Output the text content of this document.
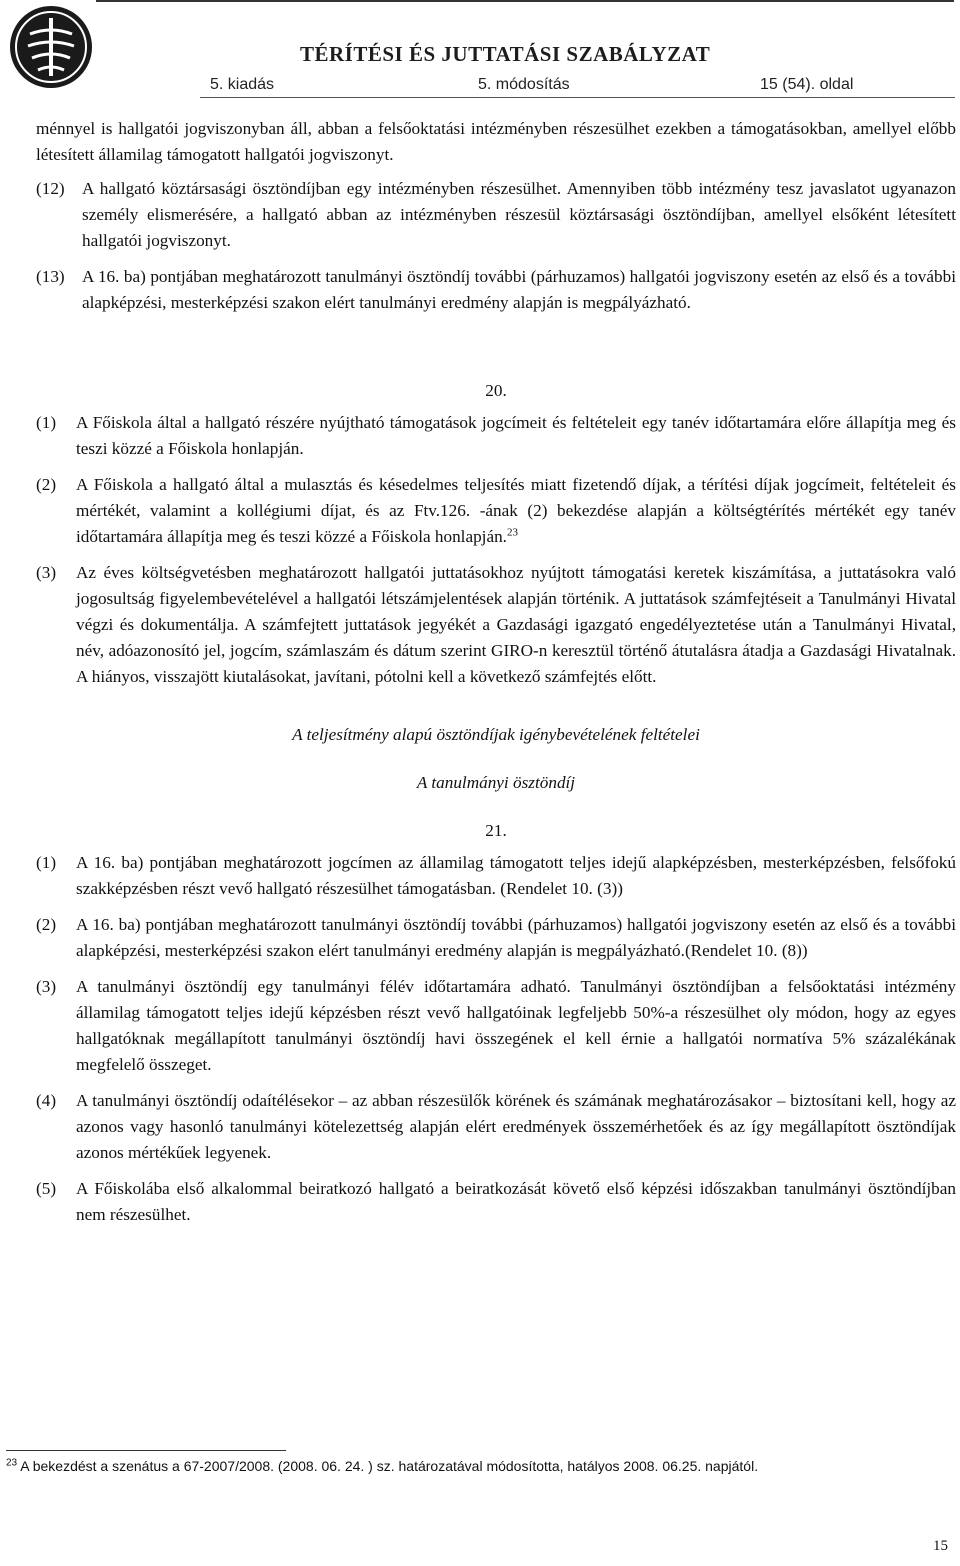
TÉRÍTÉSI ÉS JUTTATÁSI SZABÁLYZAT
5. kiadás	5. módosítás	15 (54). oldal

ménnyel is hallgatói jogviszonyban áll, abban a felsőoktatási intézményben részesülhet ezekben a támogatásokban, amellyel előbb létesített államilag támogatott hallgatói jogviszonyt.

(12)	A hallgató köztársasági ösztöndíjban egy intézményben részesülhet. Amennyiben több intézmény tesz javaslatot ugyanazon személy elismerésére, a hallgató abban az intézményben részesül köztársasági ösztöndíjban, amellyel elsőként létesített hallgatói jogviszonyt.
(13)	A 16. ba) pontjában meghatározott tanulmányi ösztöndíj további (párhuzamos) hallgatói jogviszony esetén az első és a további alapképzési, mesterképzési szakon elért tanulmányi eredmény alapján is megpályázható.

20.

(1)	A Főiskola által a hallgató részére nyújtható támogatások jogcímeit és feltételeit egy tanév időtartamára előre állapítja meg és teszi közzé a Főiskola honlapján.
(2)	A Főiskola a hallgató által a mulasztás és késedelmes teljesítés miatt fizetendő díjak, a térítési díjak jogcímeit, feltételeit és mértékét, valamint a kollégiumi díjat, és az Ftv.126. -ának (2) bekezdése alapján a költségtérítés mértékét egy tanév időtartamára állapítja meg és teszi közzé a Főiskola honlapján.$^{23}$
(3)	Az éves költségvetésben meghatározott hallgatói juttatásokhoz nyújtott támogatási keretek kiszámítása, a juttatásokra való jogosultság figyelembevételével a hallgatói létszámjelentések alapján történik. A juttatások számfejtéseit a Tanulmányi Hivatal végzi és dokumentálja. A számfejtett juttatások jegyékét a Gazdasági igazgató engedélyeztetése után a Tanulmányi Hivatal, név, adóazonosító jel, jogcím, számlaszám és dátum szerint GIRO-n keresztül történő átutalásra átadja a Gazdasági Hivatalnak. A hiányos, visszajött kiutalásokat, javítani, pótolni kell a következő számfejtés előtt.

A teljesítmény alapú ösztöndíjak igénybevételének feltételei

A tanulmányi ösztöndíj

21.

(1)	A 16. ba) pontjában meghatározott jogcímen az államilag támogatott teljes idejű alapképzésben, mesterképzésben, felsőfokú szakképzésben részt vevő hallgató részesülhet támogatásban. (Rendelet 10. (3))
(2)	A 16. ba) pontjában meghatározott tanulmányi ösztöndíj további (párhuzamos) hallgatói jogviszony esetén az első és a további alapképzési, mesterképzési szakon elért tanulmányi eredmény alapján is megpályázható.(Rendelet 10. (8))
(3)	A tanulmányi ösztöndíj egy tanulmányi félév időtartamára adható. Tanulmányi ösztöndíjban a felsőoktatási intézmény államilag támogatott teljes idejű képzésben részt vevő hallgatóinak legfeljebb 50%-a részesülhet oly módon, hogy az egyes hallgatóknak megállapított tanulmányi ösztöndíj havi összegének el kell érnie a hallgatói normatíva 5% százalékának megfelelő összeget.
(4)	A tanulmányi ösztöndíj odaítélésekor – az abban részesülők körének és számának meghatározásakor – biztosítani kell, hogy az azonos vagy hasonló tanulmányi kötelezettség alapján elért eredmények összemérhetőek és az így megállapított ösztöndíjak azonos mértékűek legyenek.
(5)	A Főiskolába első alkalommal beiratkozó hallgató a beiratkozását követő első képzési időszakban tanulmányi ösztöndíjban nem részesülhet.
$^{23}$ A bekezdést a szenátus a 67-2007/2008. (2008. 06. 24. ) sz. határozatával módosította, hatályos 2008. 06.25. napjától.
15
